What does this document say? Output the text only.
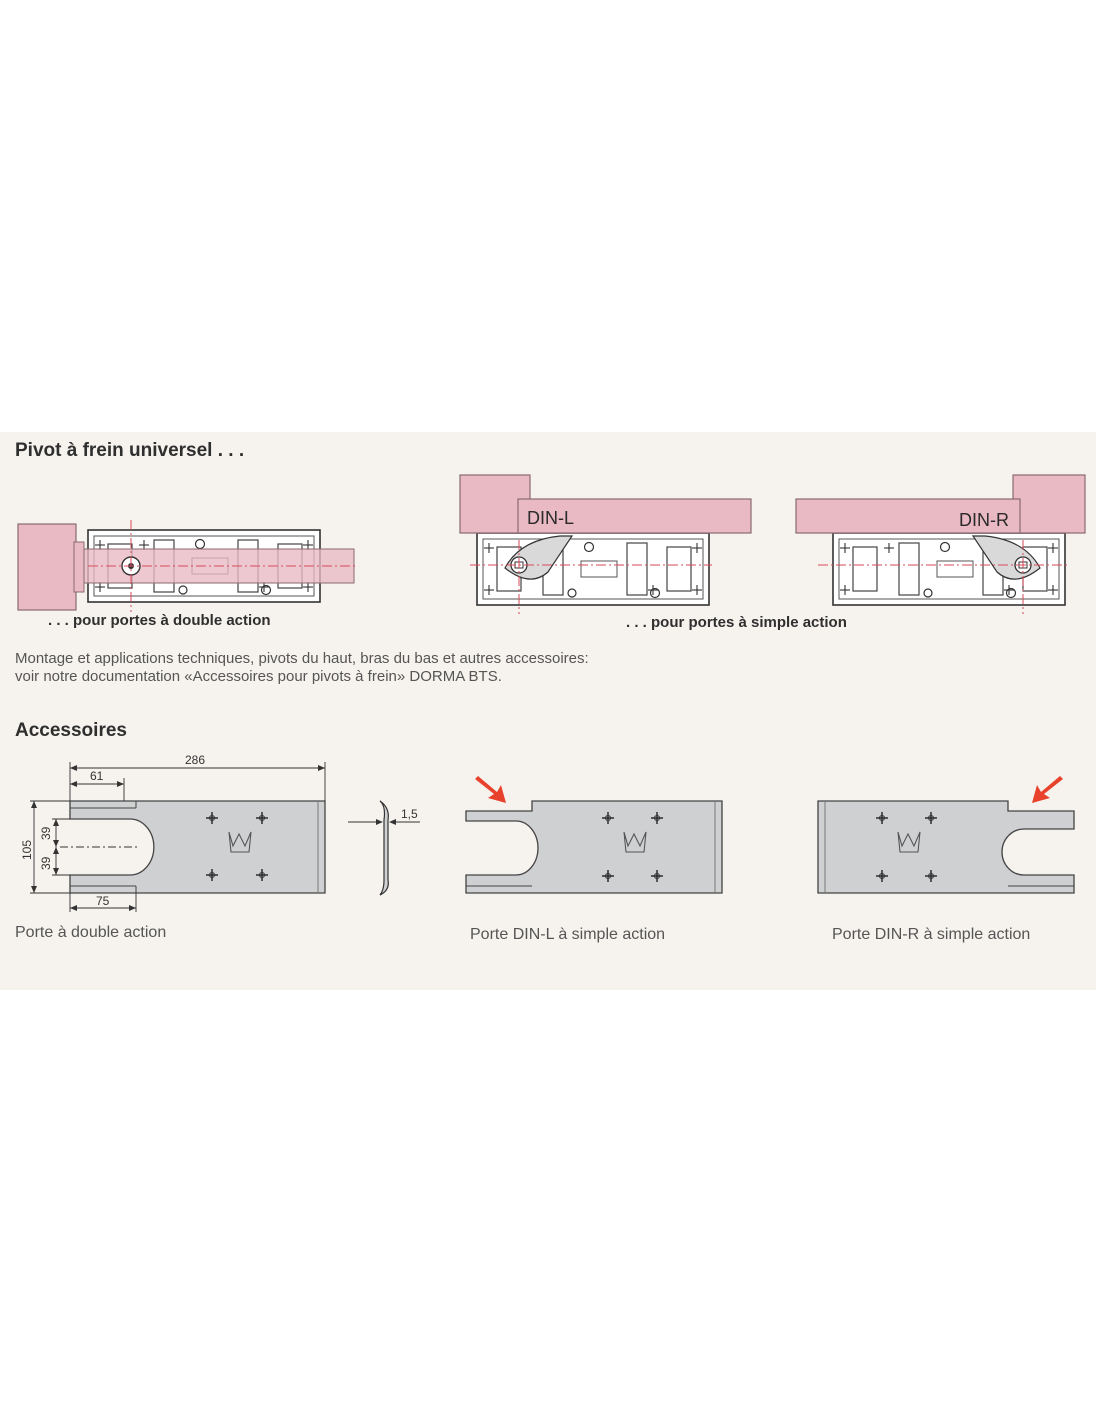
Pivot à frein universel . . .
. . . pour portes à double action	. . . pour portes à simple action
Montage et applications techniques, pivots du haut, bras du bas et autres accessoires:
voir notre documentation «Accessoires pour pivots à frein» DORMA BTS.
Accessoires
Porte à double action	Porte DIN-L à simple action	Porte DIN-R à simple action
DIN-L	DIN-R
286
61
75
105
39
39
1,5
